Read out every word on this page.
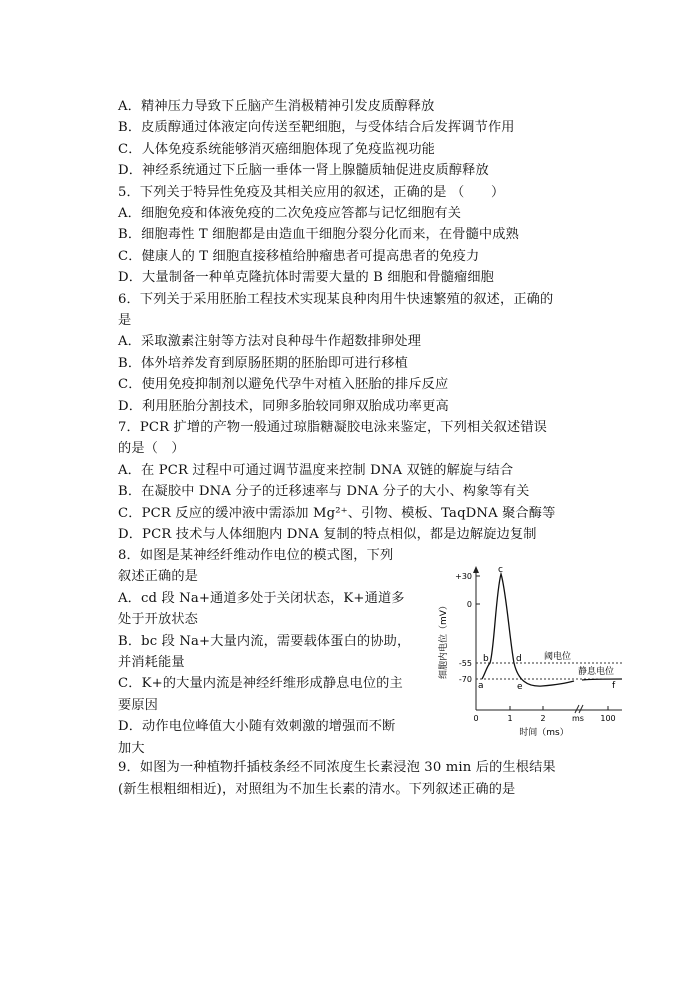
A．精神压力导致下丘脑产生消极精神引发皮质醇释放
B．皮质醇通过体液定向传送至靶细胞，与受体结合后发挥调节作用
C．人体免疫系统能够消灭癌细胞体现了免疫监视功能
D．神经系统通过下丘脑一垂体一肾上腺髓质轴促进皮质醇释放
5．下列关于特异性免疫及其相关应用的叙述，正确的是 （　　）
A．细胞免疫和体液免疫的二次免疫应答都与记忆细胞有关
B．细胞毒性 T 细胞都是由造血干细胞分裂分化而来，在骨髓中成熟
C．健康人的 T 细胞直接移植给肿瘤患者可提高患者的免疫力
D．大量制备一种单克隆抗体时需要大量的 B 细胞和骨髓瘤细胞
6．下列关于采用胚胎工程技术实现某良种肉用牛快速繁殖的叙述，正确的
是
A．采取激素注射等方法对良种母牛作超数排卵处理
B．体外培养发育到原肠胚期的胚胎即可进行移植
C．使用免疫抑制剂以避免代孕牛对植入胚胎的排斥反应
D．利用胚胎分割技术，同卵多胎较同卵双胎成功率更高
7．PCR 扩增的产物一般通过琼脂糖凝胶电泳来鉴定，下列相关叙述错误
的是（　）
A．在 PCR 过程中可通过调节温度来控制 DNA 双链的解旋与结合
B．在凝胶中 DNA 分子的迁移速率与 DNA 分子的大小、构象等有关
C．PCR 反应的缓冲液中需添加 Mg²⁺、引物、模板、TaqDNA 聚合酶等
D．PCR 技术与人体细胞内 DNA 复制的特点相似，都是边解旋边复制
8．如图是某神经纤维动作电位的模式图，下列
叙述正确的是
A．cd 段 Na+通道多处于关闭状态，K+通道多
处于开放状态
B．bc 段 Na+大量内流，需要载体蛋白的协助，
并消耗能量
C．K+的大量内流是神经纤维形成静息电位的主
要原因
D．动作电位峰值大小随有效刺激的增强而不断
加大
9．如图为一种植物扦插枝条经不同浓度生长素浸泡 30 min 后的生根结果
(新生根粗细相近)，对照组为不加生长素的清水。下列叙述正确的是
+30
0
-55
-70
0	1	2	ms 100
时间（ms）
细胞内电位（mV）	阈电位
静息电位
a
b
c
d
e	f
